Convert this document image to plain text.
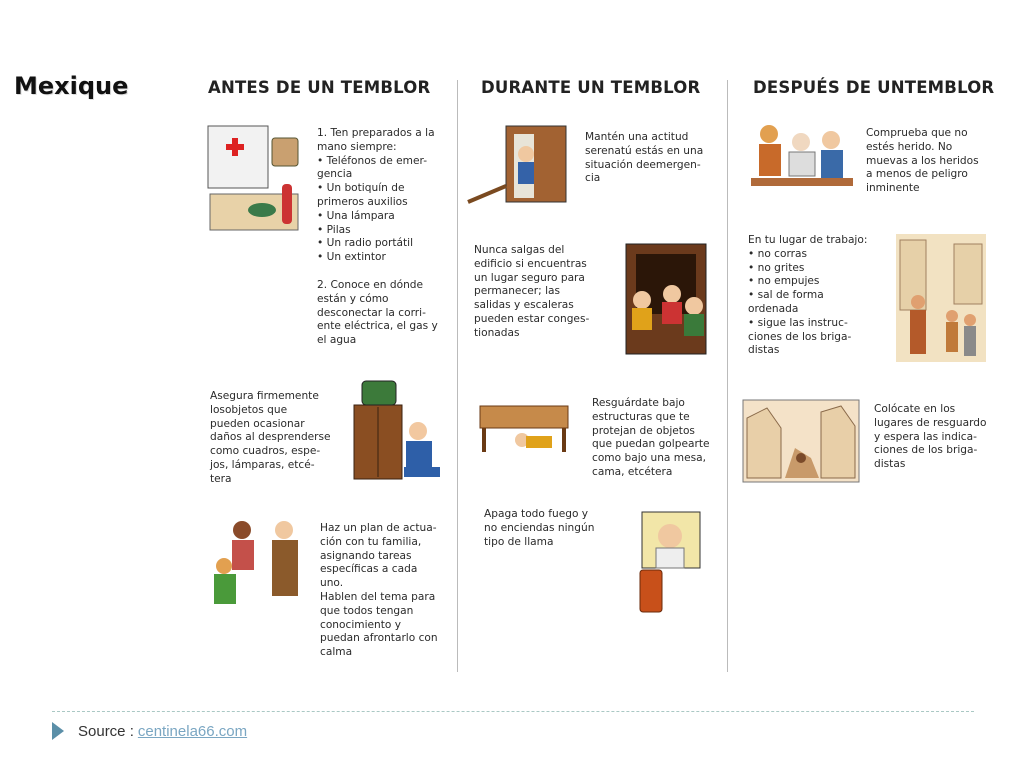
Mexique	ANTES DE UN TEMBLOR	DURANTE UN TEMBLOR	DESPUÉS DE UNTEMBLOR
1. Ten preparados a la
mano siempre:
• Teléfonos de emer-
gencia
• Un botiquín de
primeros auxilios
• Una lámpara
• Pilas
• Un radio portátil
• Un extintor
2. Conoce en dónde
están y cómo
desconectar la corri-
ente eléctrica, el gas y
el agua
Asegura firmemente
losobjetos que
pueden ocasionar
daños al desprenderse
como cuadros, espe-
jos, lámparas, etcé-
tera
Haz un plan de actua-
ción con tu familia,
asignando tareas
específicas a cada
uno.
Hablen del tema para
que todos tengan
conocimiento y
puedan afrontarlo con
calma
Mantén una actitud
serenatú estás en una
situación deemergen-
cia
Nunca salgas del
edificio si encuentras
un lugar seguro para
permanecer; las
salidas y escaleras
pueden estar conges-
tionadas
Resguárdate bajo
estructuras que te
protejan de objetos
que puedan golpearte
como bajo una mesa,
cama, etcétera
Apaga todo fuego y
no enciendas ningún
tipo de llama
Comprueba que no
estés herido. No
muevas a los heridos
a menos de peligro
inminente
En tu lugar de trabajo:
• no corras
• no grites
• no empujes
• sal de forma
ordenada
• sigue las instruc-
ciones de los briga-
distas
Colócate en los
lugares de resguardo
y espera las indica-
ciones de los briga-
distas
Source : centinela66.com
